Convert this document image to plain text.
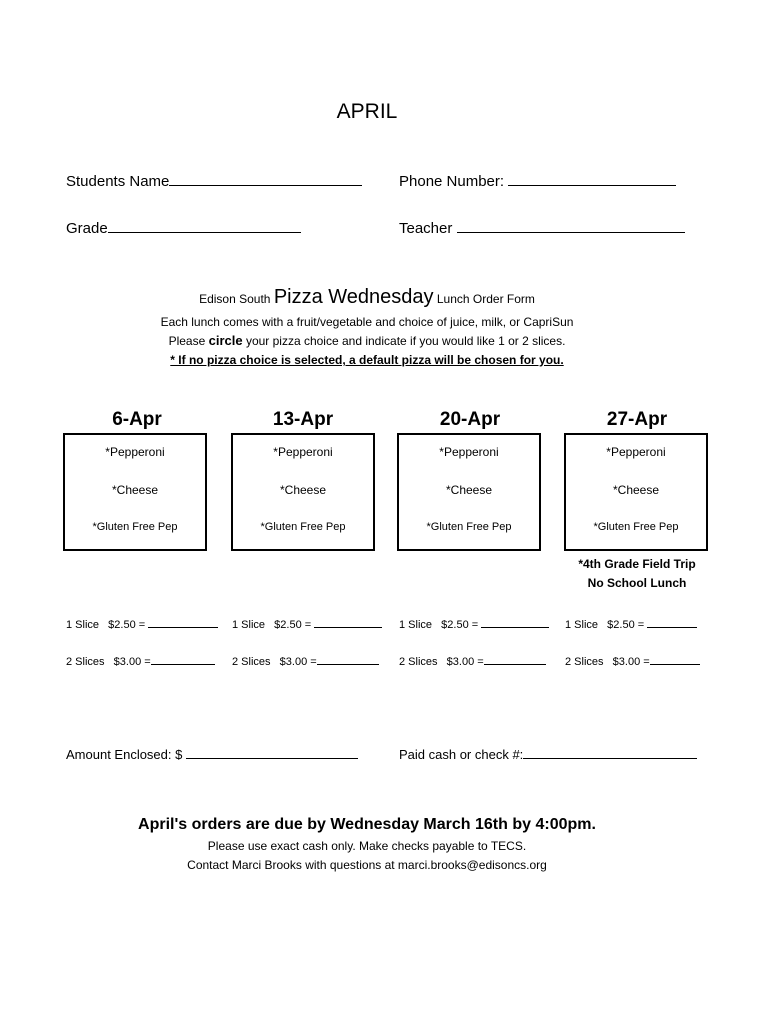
APRIL
Students Name	Phone Number:
Grade	Teacher
Edison South Pizza Wednesday Lunch Order Form
Each lunch comes with a fruit/vegetable and choice of juice, milk, or CapriSun
Please circle your pizza choice and indicate if you would like 1 or 2 slices.
* If no pizza choice is selected, a default pizza will be chosen for you.
6-Apr
*Pepperoni
*Cheese
*Gluten Free Pep
1 Slice   $2.50 =
2 Slices   $3.00 =
13-Apr
*Pepperoni
*Cheese
*Gluten Free Pep
1 Slice   $2.50 =
2 Slices   $3.00 =
20-Apr
*Pepperoni
*Cheese
*Gluten Free Pep
1 Slice   $2.50 =
2 Slices   $3.00 =
27-Apr
*Pepperoni
*Cheese
*Gluten Free Pep
*4th Grade Field Trip
No School Lunch
1 Slice   $2.50 =
2 Slices   $3.00 =
Amount Enclosed: $	Paid cash or check #:
April's orders are due by Wednesday March 16th by 4:00pm.
Please use exact cash only. Make checks payable to TECS.
Contact Marci Brooks with questions at marci.brooks@edisoncs.org
